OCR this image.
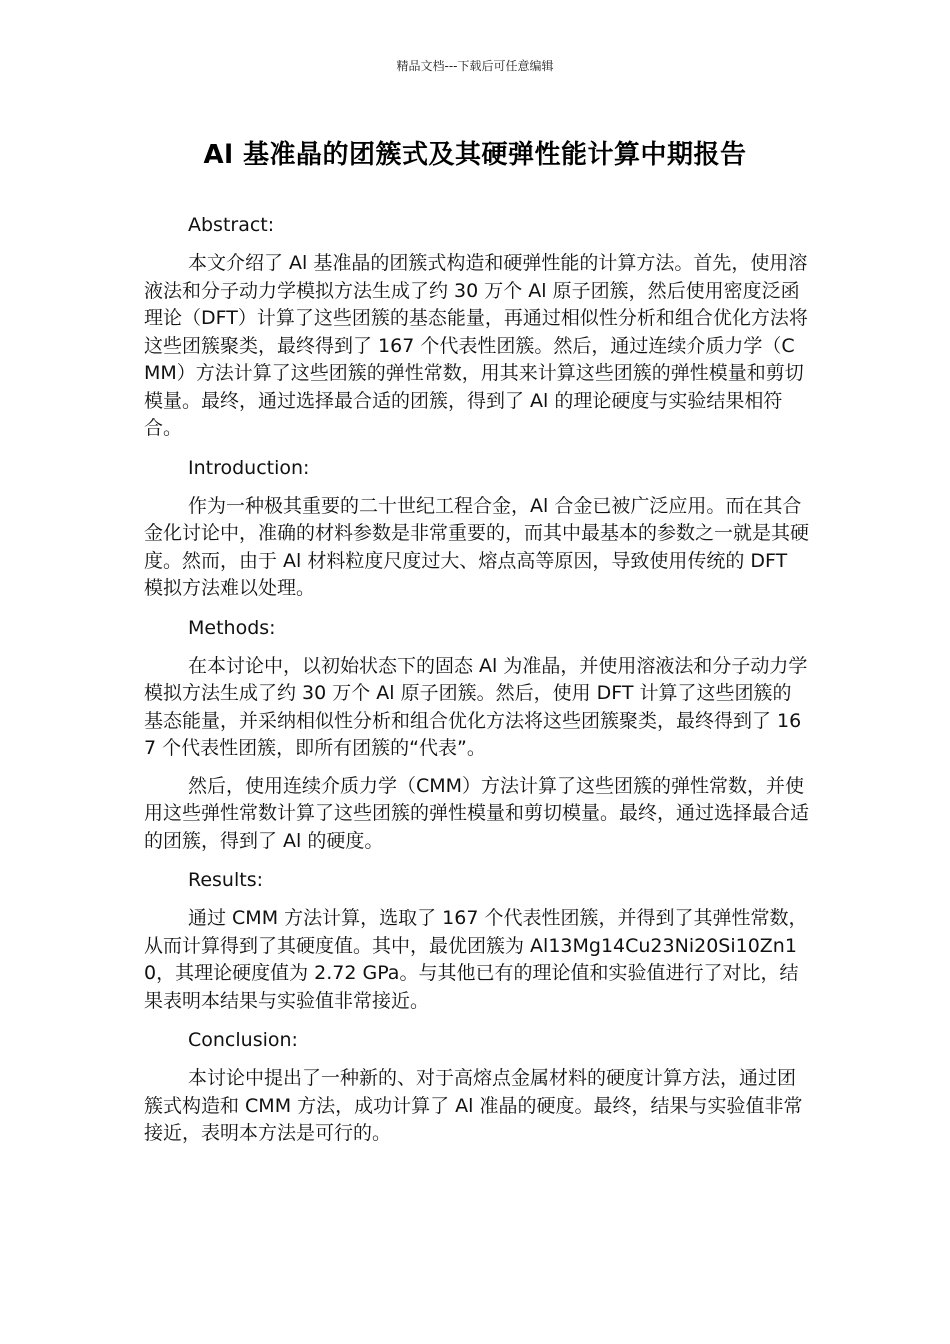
精品文档---下载后可任意编辑
Al 基准晶的团簇式及其硬弹性能计算中期报告
Abstract:

本文介绍了 Al 基准晶的团簇式构造和硬弹性能的计算方法。首先，使用溶液法和分子动力学模拟方法生成了约 30 万个 Al 原子团簇，然后使用密度泛函理论（DFT）计算了这些团簇的基态能量，再通过相似性分析和组合优化方法将这些团簇聚类，最终得到了 167 个代表性团簇。然后，通过连续介质力学（CMM）方法计算了这些团簇的弹性常数，用其来计算这些团簇的弹性模量和剪切模量。最终，通过选择最合适的团簇，得到了 Al 的理论硬度与实验结果相符合。

Introduction:

作为一种极其重要的二十世纪工程合金，Al 合金已被广泛应用。而在其合金化讨论中，准确的材料参数是非常重要的，而其中最基本的参数之一就是其硬度。然而，由于 Al 材料粒度尺度过大、熔点高等原因，导致使用传统的 DFT 模拟方法难以处理。

Methods:

在本讨论中，以初始状态下的固态 Al 为准晶，并使用溶液法和分子动力学模拟方法生成了约 30 万个 Al 原子团簇。然后，使用 DFT 计算了这些团簇的基态能量，并采纳相似性分析和组合优化方法将这些团簇聚类，最终得到了 167 个代表性团簇，即所有团簇的“代表”。

然后，使用连续介质力学（CMM）方法计算了这些团簇的弹性常数，并使用这些弹性常数计算了这些团簇的弹性模量和剪切模量。最终，通过选择最合适的团簇，得到了 Al 的硬度。

Results:

通过 CMM 方法计算，选取了 167 个代表性团簇，并得到了其弹性常数，从而计算得到了其硬度值。其中，最优团簇为 Al13Mg14Cu23Ni20Si10Zn10，其理论硬度值为 2.72 GPa。与其他已有的理论值和实验值进行了对比，结果表明本结果与实验值非常接近。

Conclusion:

本讨论中提出了一种新的、对于高熔点金属材料的硬度计算方法，通过团簇式构造和 CMM 方法，成功计算了 Al 准晶的硬度。最终，结果与实验值非常接近，表明本方法是可行的。
